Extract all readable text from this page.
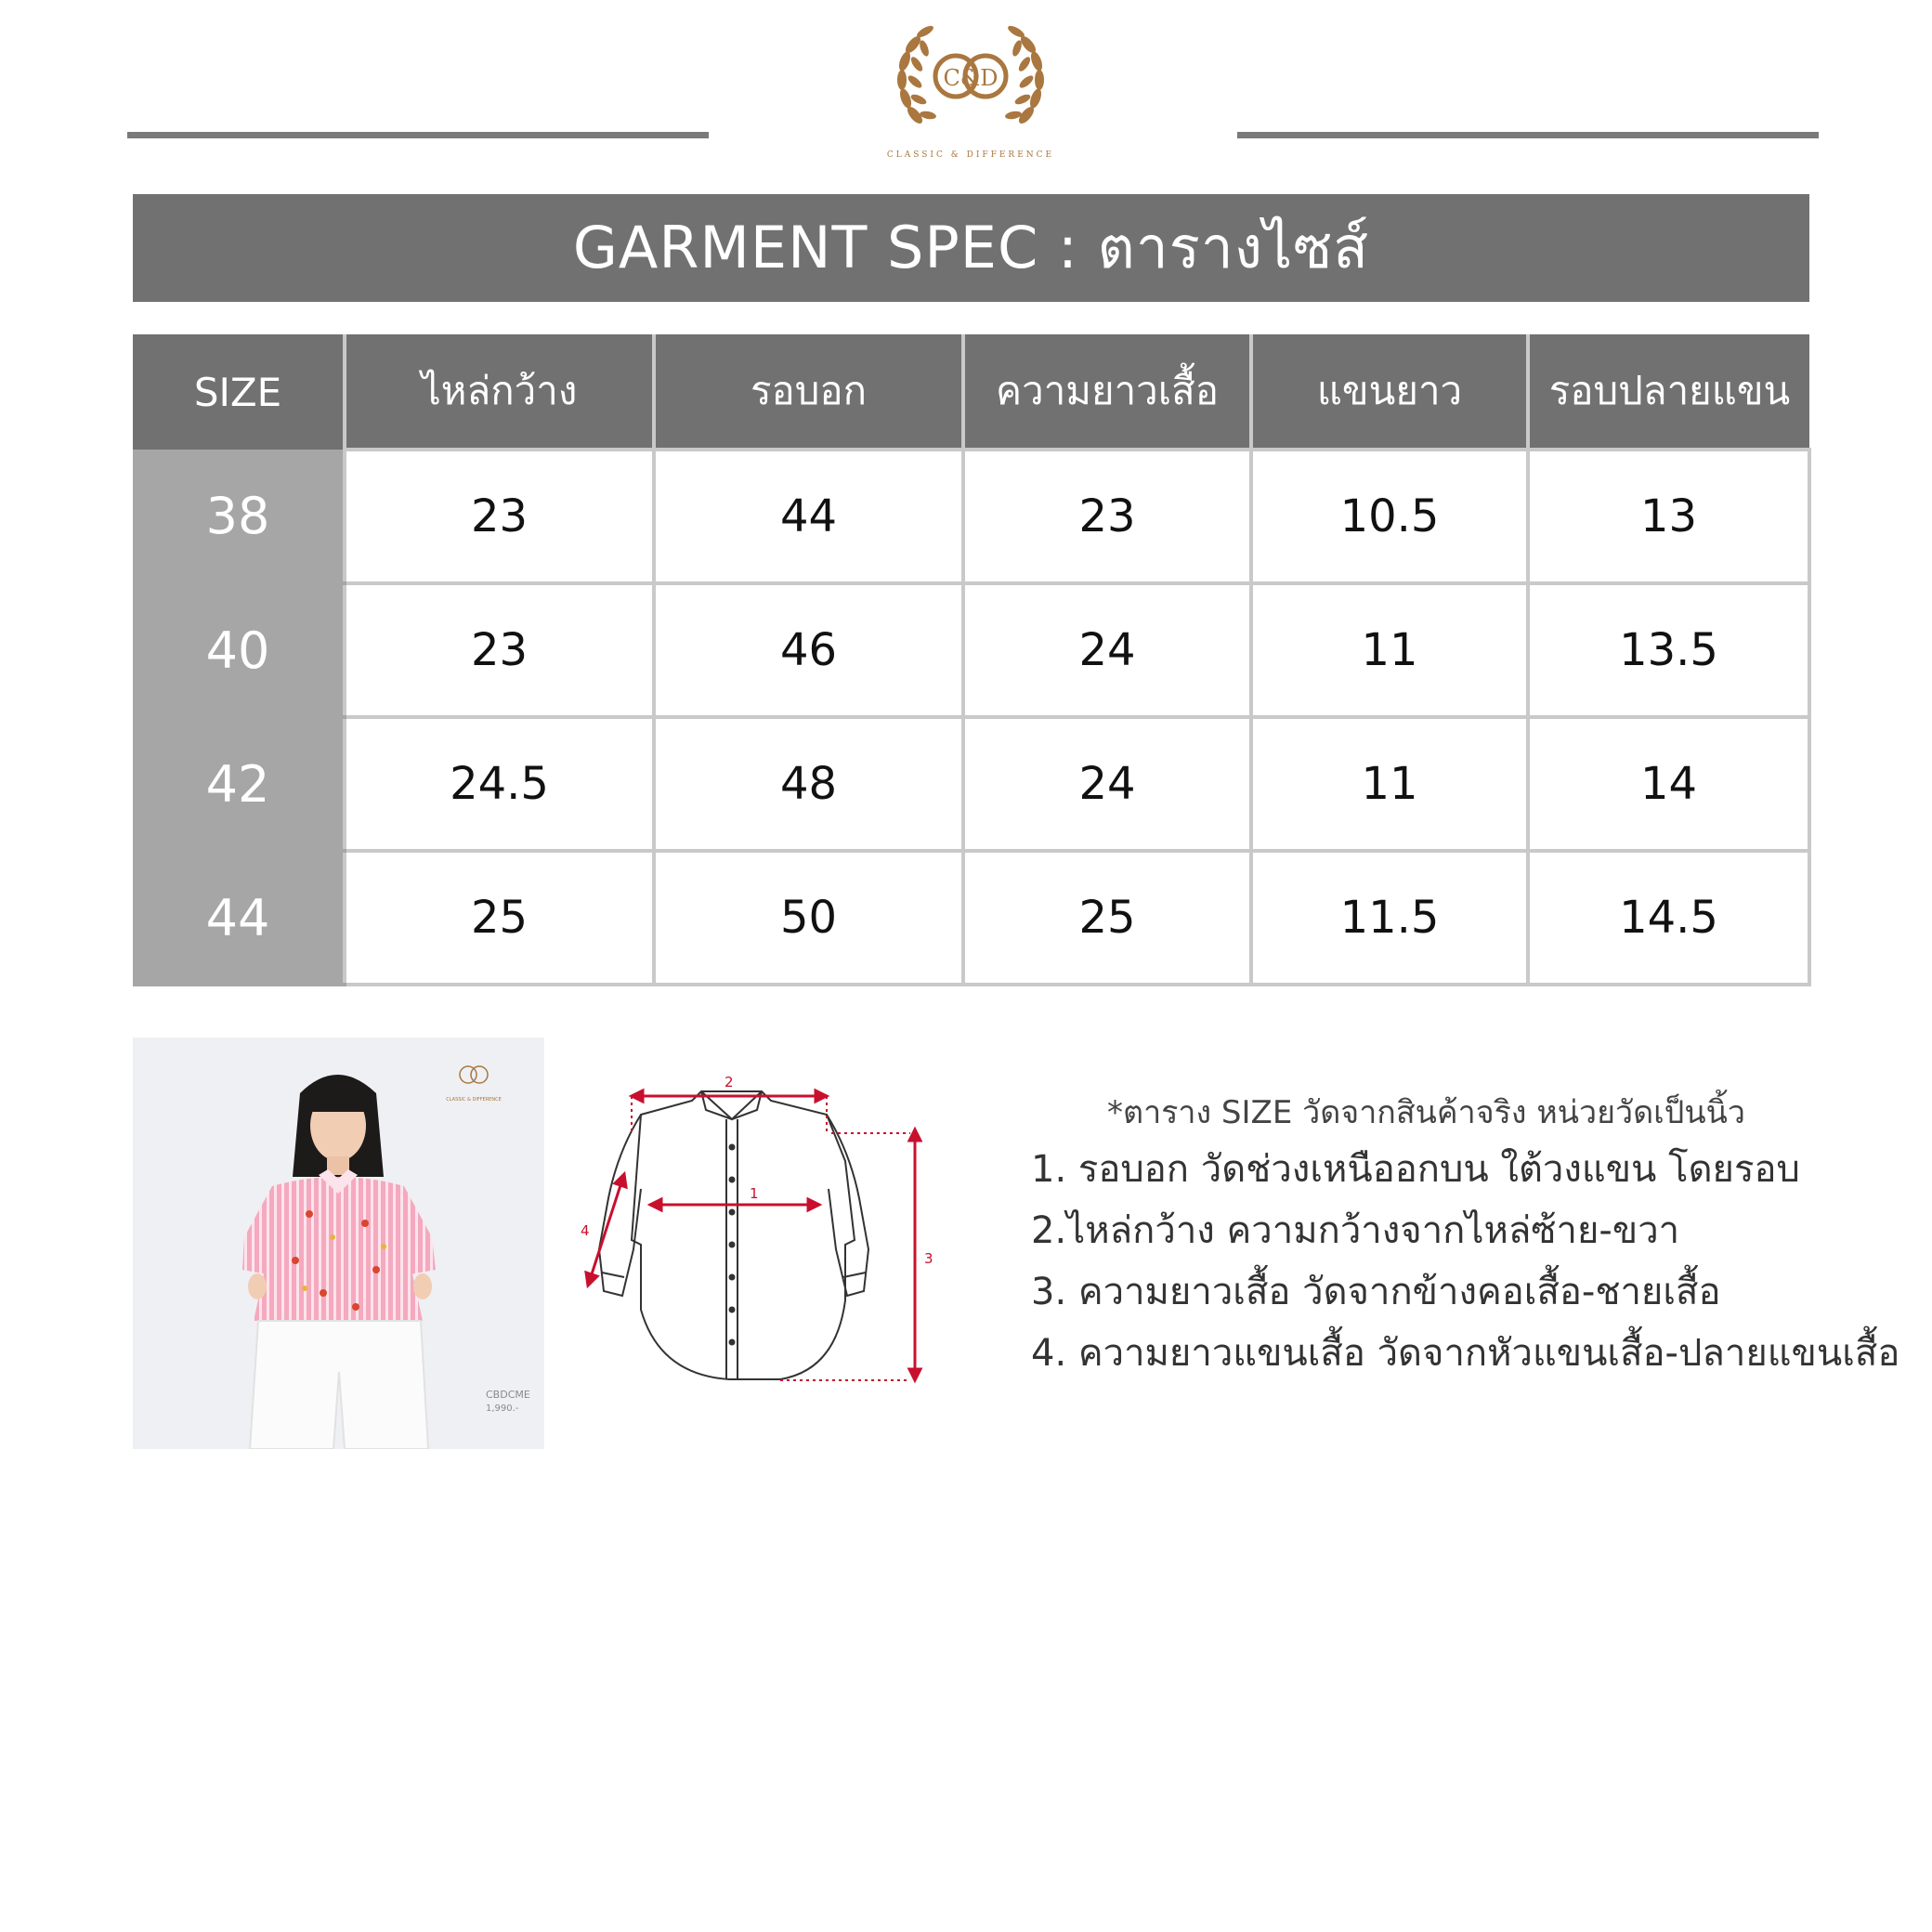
C&D
CLASSIC & DIFFERENCE
GARMENT SPEC : ตารางไซส์
SIZE	ไหล่กว้าง	รอบอก	ความยาวเสื้อ	แขนยาว	รอบปลายแขน
38	23	44	23	10.5	13
40	23	46	24	11	13.5
42	24.5	48	24	11	14
44	25	50	25	11.5	14.5
CLASSIC & DIFFERENCE
CBDCME
1,990.-
2
1
3
4
*ตาราง SIZE วัดจากสินค้าจริง หน่วยวัดเป็นนิ้ว
1. รอบอก วัดช่วงเหนืออกบน ใต้วงแขน โดยรอบ
2.ไหล่กว้าง ความกว้างจากไหล่ซ้าย-ขวา
3. ความยาวเสื้อ วัดจากข้างคอเสื้อ-ชายเสื้อ
4. ความยาวแขนเสื้อ วัดจากหัวแขนเสื้อ-ปลายแขนเสื้อ
